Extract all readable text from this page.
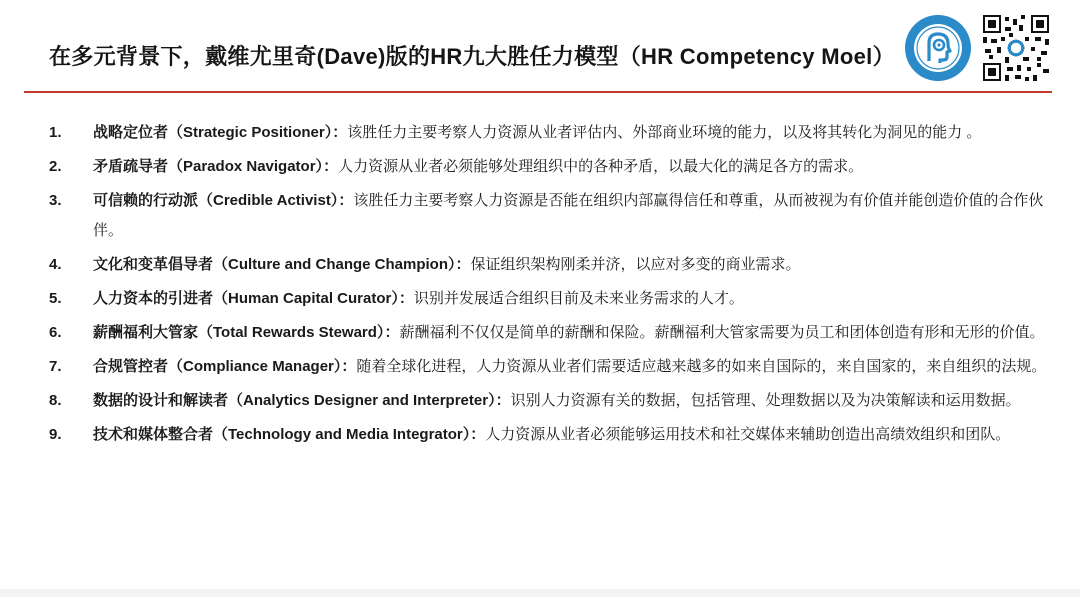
在多元背景下，戴维尤里奇(Dave)版的HR九大胜任力模型（HR Competency Moel）
1.	战略定位者（Strategic Positioner）：该胜任力主要考察人力资源从业者评估内、外部商业环境的能力，以及将其转化为洞见的能力 。
2.	矛盾疏导者（Paradox Navigator）：人力资源从业者必须能够处理组织中的各种矛盾，以最大化的满足各方的需求。
3.	可信赖的行动派（Credible Activist）：该胜任力主要考察人力资源是否能在组织内部赢得信任和尊重，从而被视为有价值并能创造价值的合作伙伴。
4.	文化和变革倡导者（Culture and Change Champion）：保证组织架构刚柔并济，以应对多变的商业需求。
5.	人力资本的引进者（Human Capital Curator）：识别并发展适合组织目前及未来业务需求的人才。
6.	薪酬福利大管家（Total Rewards Steward）：薪酬福利不仅仅是简单的薪酬和保险。薪酬福利大管家需要为员工和团体创造有形和无形的价值。
7.	合规管控者（Compliance Manager）：随着全球化进程，人力资源从业者们需要适应越来越多的如来自国际的，来自国家的，来自组织的法规。
8.	数据的设计和解读者（Analytics Designer and Interpreter）：识别人力资源有关的数据，包括管理、处理数据以及为决策解读和运用数据。
9.	技术和媒体整合者（Technology and Media Integrator）：人力资源从业者必须能够运用技术和社交媒体来辅助创造出高绩效组织和团队。
